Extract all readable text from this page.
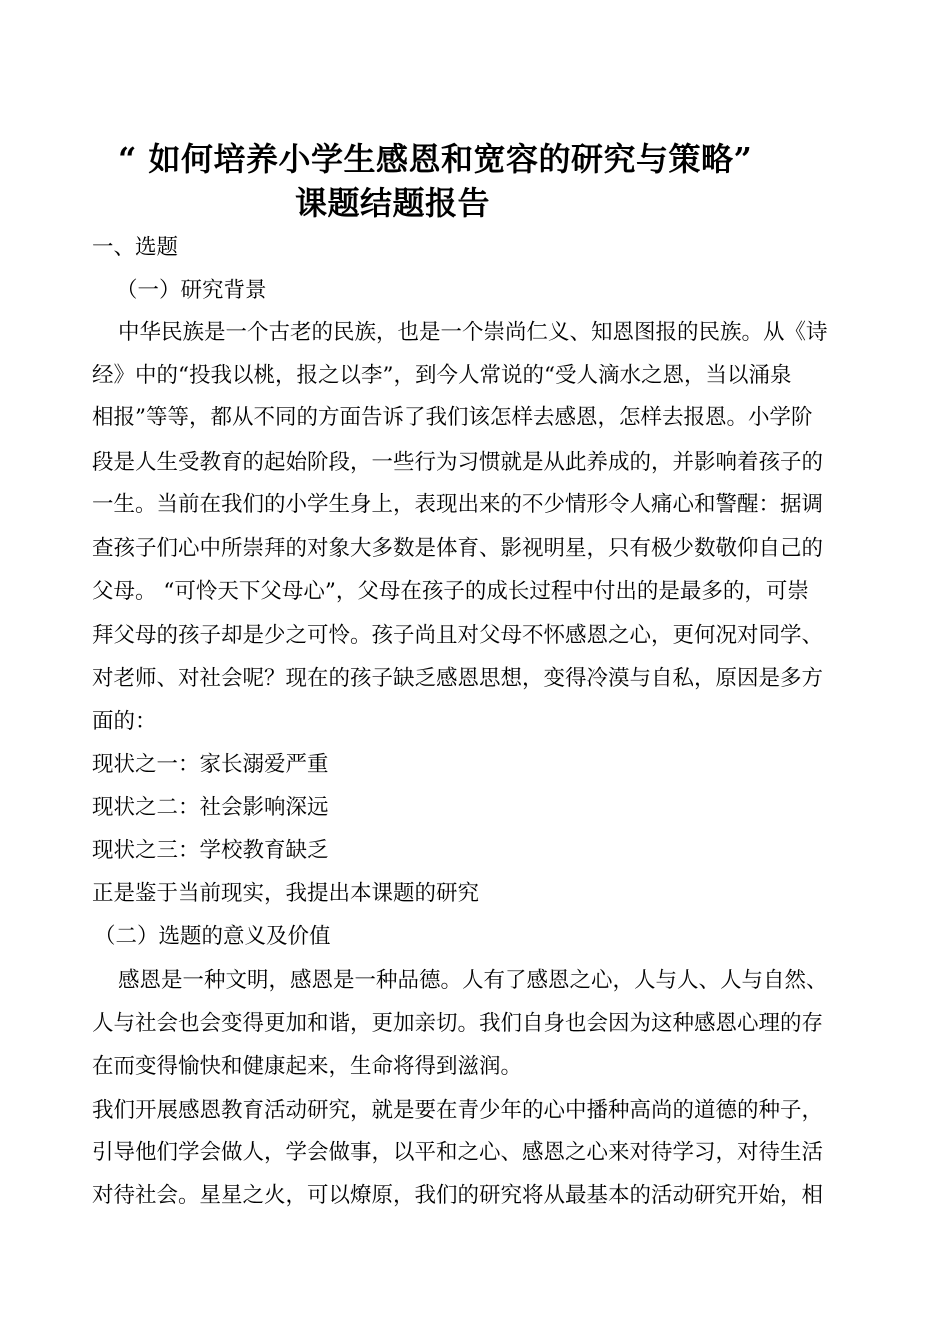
“ 如何培养小学生感恩和宽容的研究与策略”
课题结题报告
一、选题
（一）研究背景
中华民族是一个古老的民族，也是一个崇尚仁义、知恩图报的民族。从《诗
经》中的“投我以桃，报之以李”，到今人常说的“受人滴水之恩，当以涌泉
相报”等等，都从不同的方面告诉了我们该怎样去感恩，怎样去报恩。小学阶
段是人生受教育的起始阶段，一些行为习惯就是从此养成的，并影响着孩子的
一生。当前在我们的小学生身上，表现出来的不少情形令人痛心和警醒：据调
查孩子们心中所崇拜的对象大多数是体育、影视明星，只有极少数敬仰自己的
父母。 “可怜天下父母心”，父母在孩子的成长过程中付出的是最多的，可崇
拜父母的孩子却是少之可怜。孩子尚且对父母不怀感恩之心，更何况对同学、
对老师、对社会呢？现在的孩子缺乏感恩思想，变得冷漠与自私，原因是多方
面的：
现状之一：家长溺爱严重
现状之二：社会影响深远
现状之三：学校教育缺乏
正是鉴于当前现实，我提出本课题的研究
（二）选题的意义及价值
感恩是一种文明，感恩是一种品德。人有了感恩之心，人与人、人与自然、
人与社会也会变得更加和谐，更加亲切。我们自身也会因为这种感恩心理的存
在而变得愉快和健康起来，生命将得到滋润。
我们开展感恩教育活动研究，就是要在青少年的心中播种高尚的道德的种子，
引导他们学会做人，学会做事，以平和之心、感恩之心来对待学习，对待生活
对待社会。星星之火，可以燎原，我们的研究将从最基本的活动研究开始，相
